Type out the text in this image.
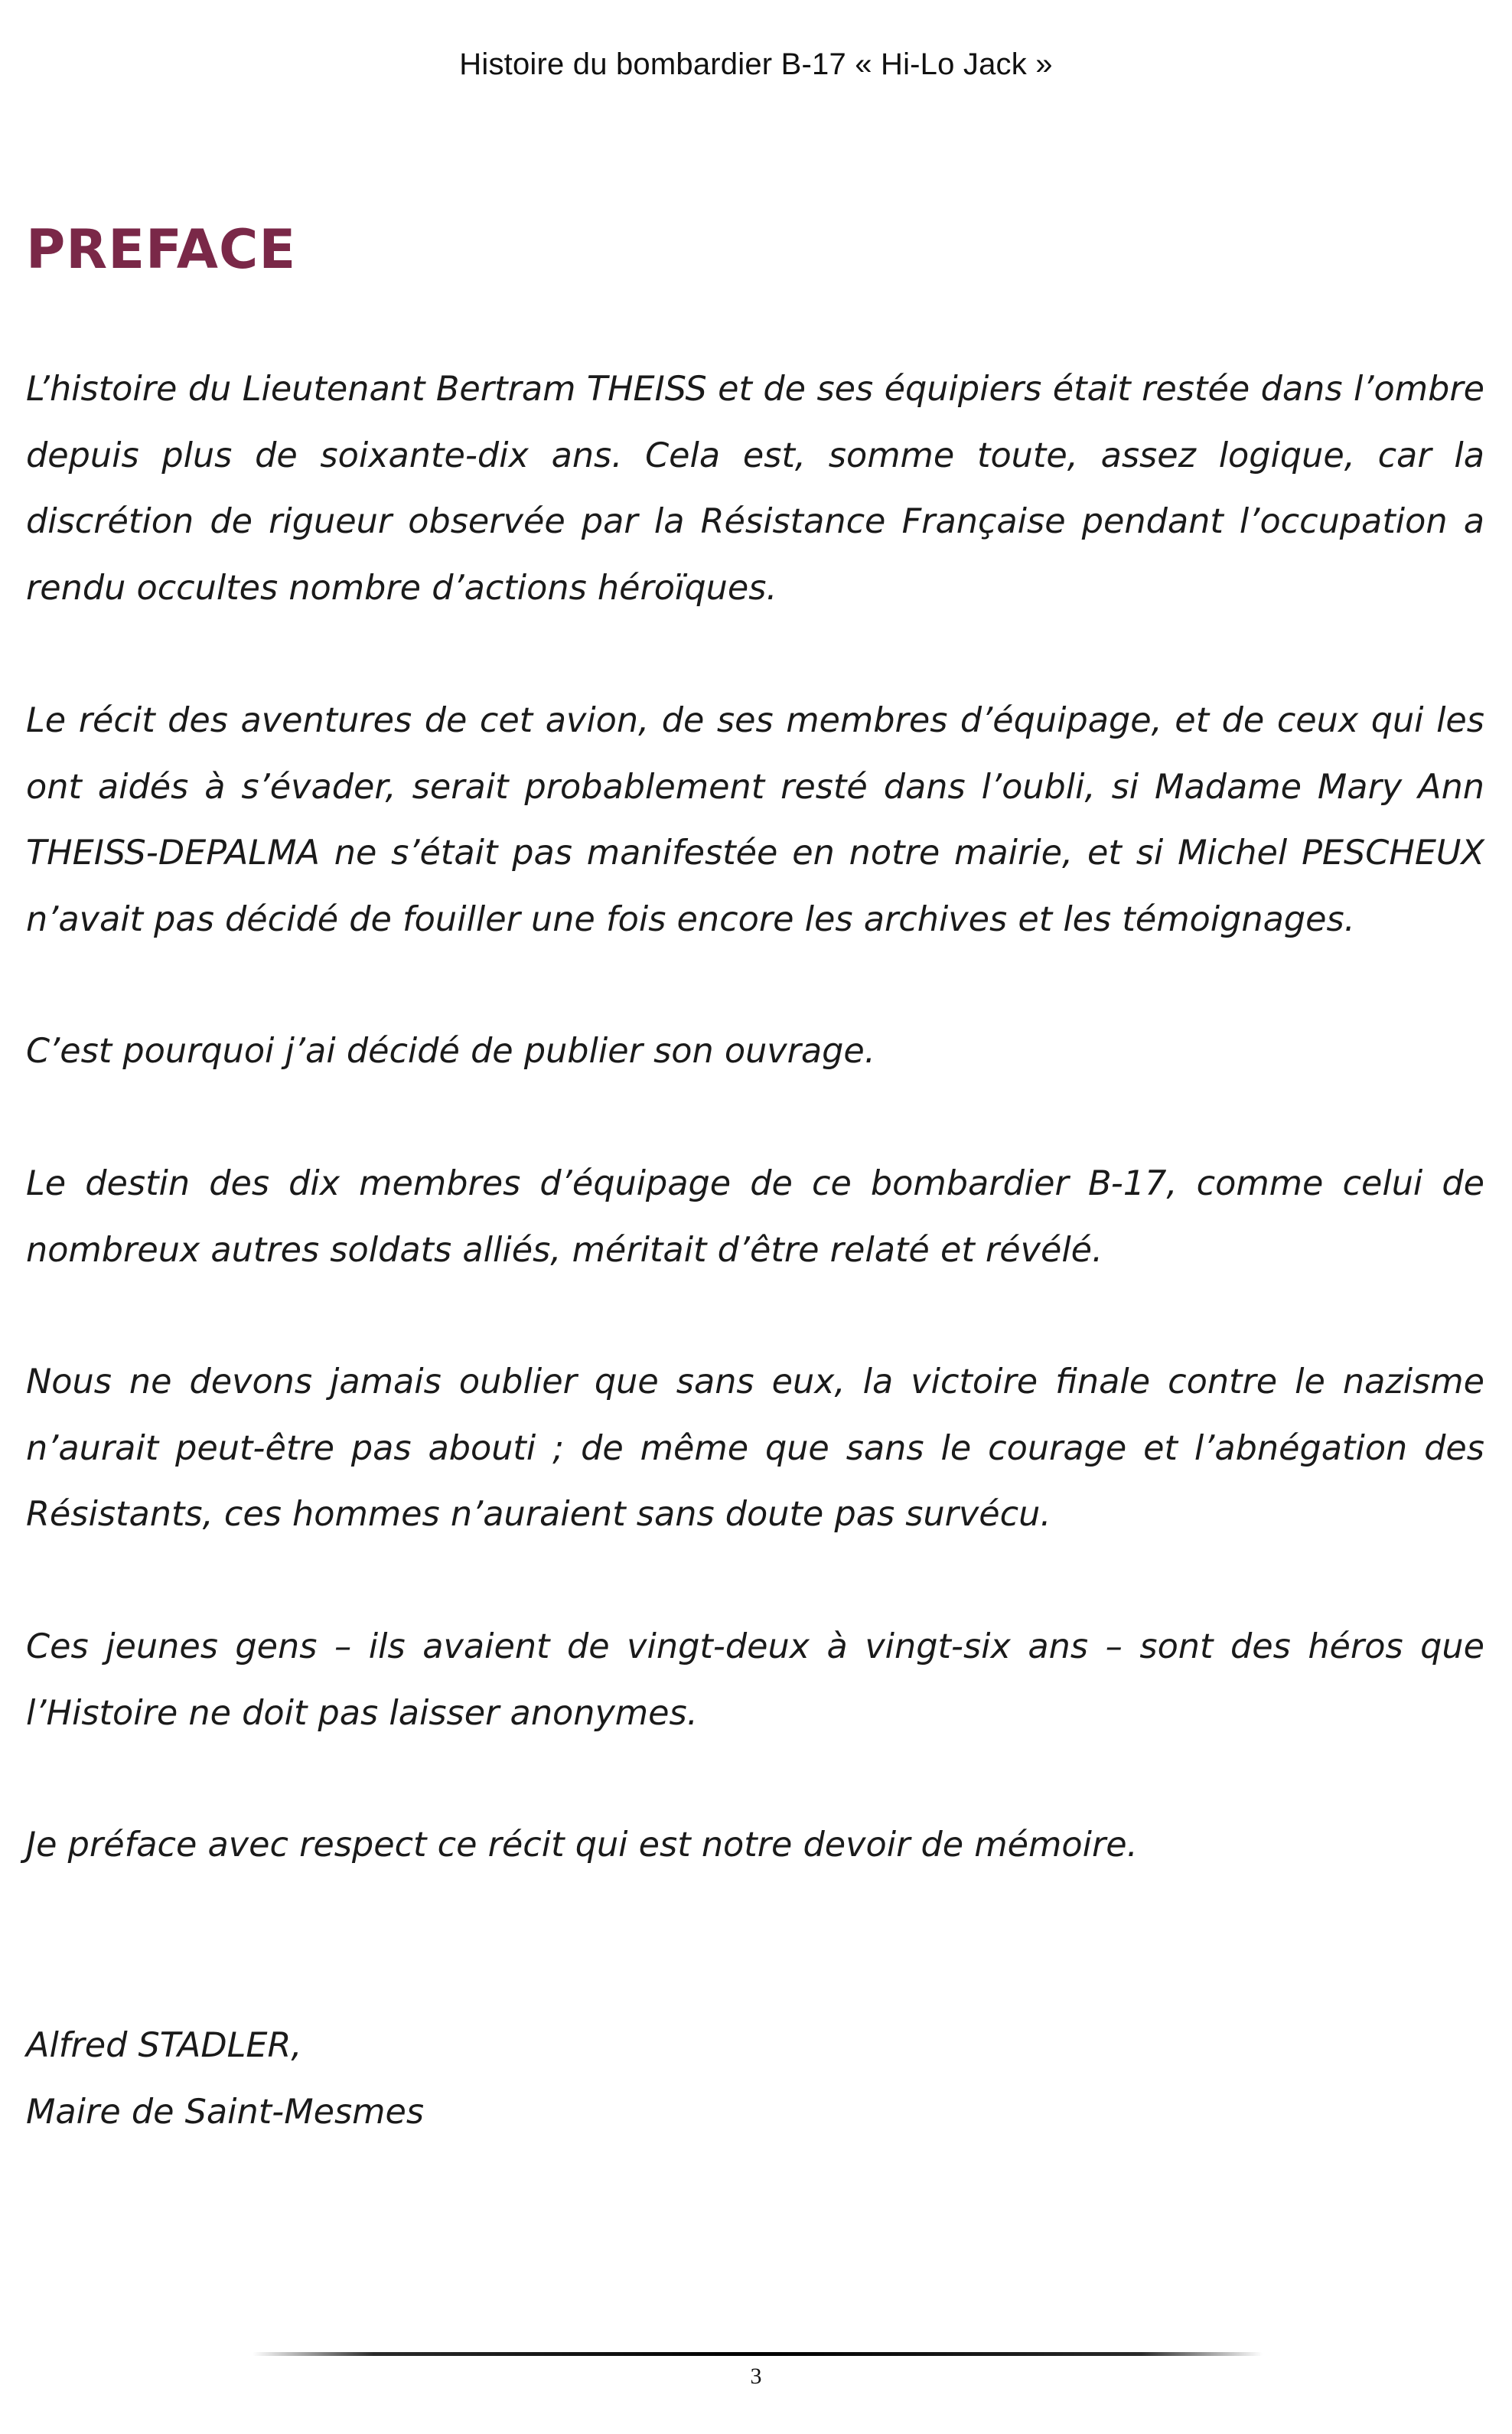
Histoire du bombardier B-17 « Hi-Lo Jack »
PREFACE

L’histoire du Lieutenant Bertram THEISS et de ses équipiers était restée dans l’ombre depuis plus de soixante-dix ans. Cela est, somme toute, assez logique, car la discrétion de rigueur observée par la Résistance Française pendant l’occupation a rendu occultes nombre d’actions héroïques.

Le récit des aventures de cet avion, de ses membres d’équipage, et de ceux qui les ont aidés à s’évader, serait probablement resté dans l’oubli, si Madame Mary Ann THEISS-DEPALMA ne s’était pas manifestée en notre mairie, et si Michel PESCHEUX n’avait pas décidé de fouiller une fois encore les archives et les témoignages.

C’est pourquoi j’ai décidé de publier son ouvrage.

Le destin des dix membres d’équipage de ce bombardier B-17, comme celui de nombreux autres soldats alliés, méritait d’être relaté et révélé.

Nous ne devons jamais oublier que sans eux, la victoire finale contre le nazisme n’aurait peut-être pas abouti ; de même que sans le courage et l’abnégation des Résistants, ces hommes n’auraient sans doute pas survécu.

Ces jeunes gens – ils avaient de vingt-deux à vingt-six ans – sont des héros que l’Histoire ne doit pas laisser anonymes.

Je préface avec respect ce récit qui est notre devoir de mémoire.

Alfred STADLER,
Maire de Saint-Mesmes
3
